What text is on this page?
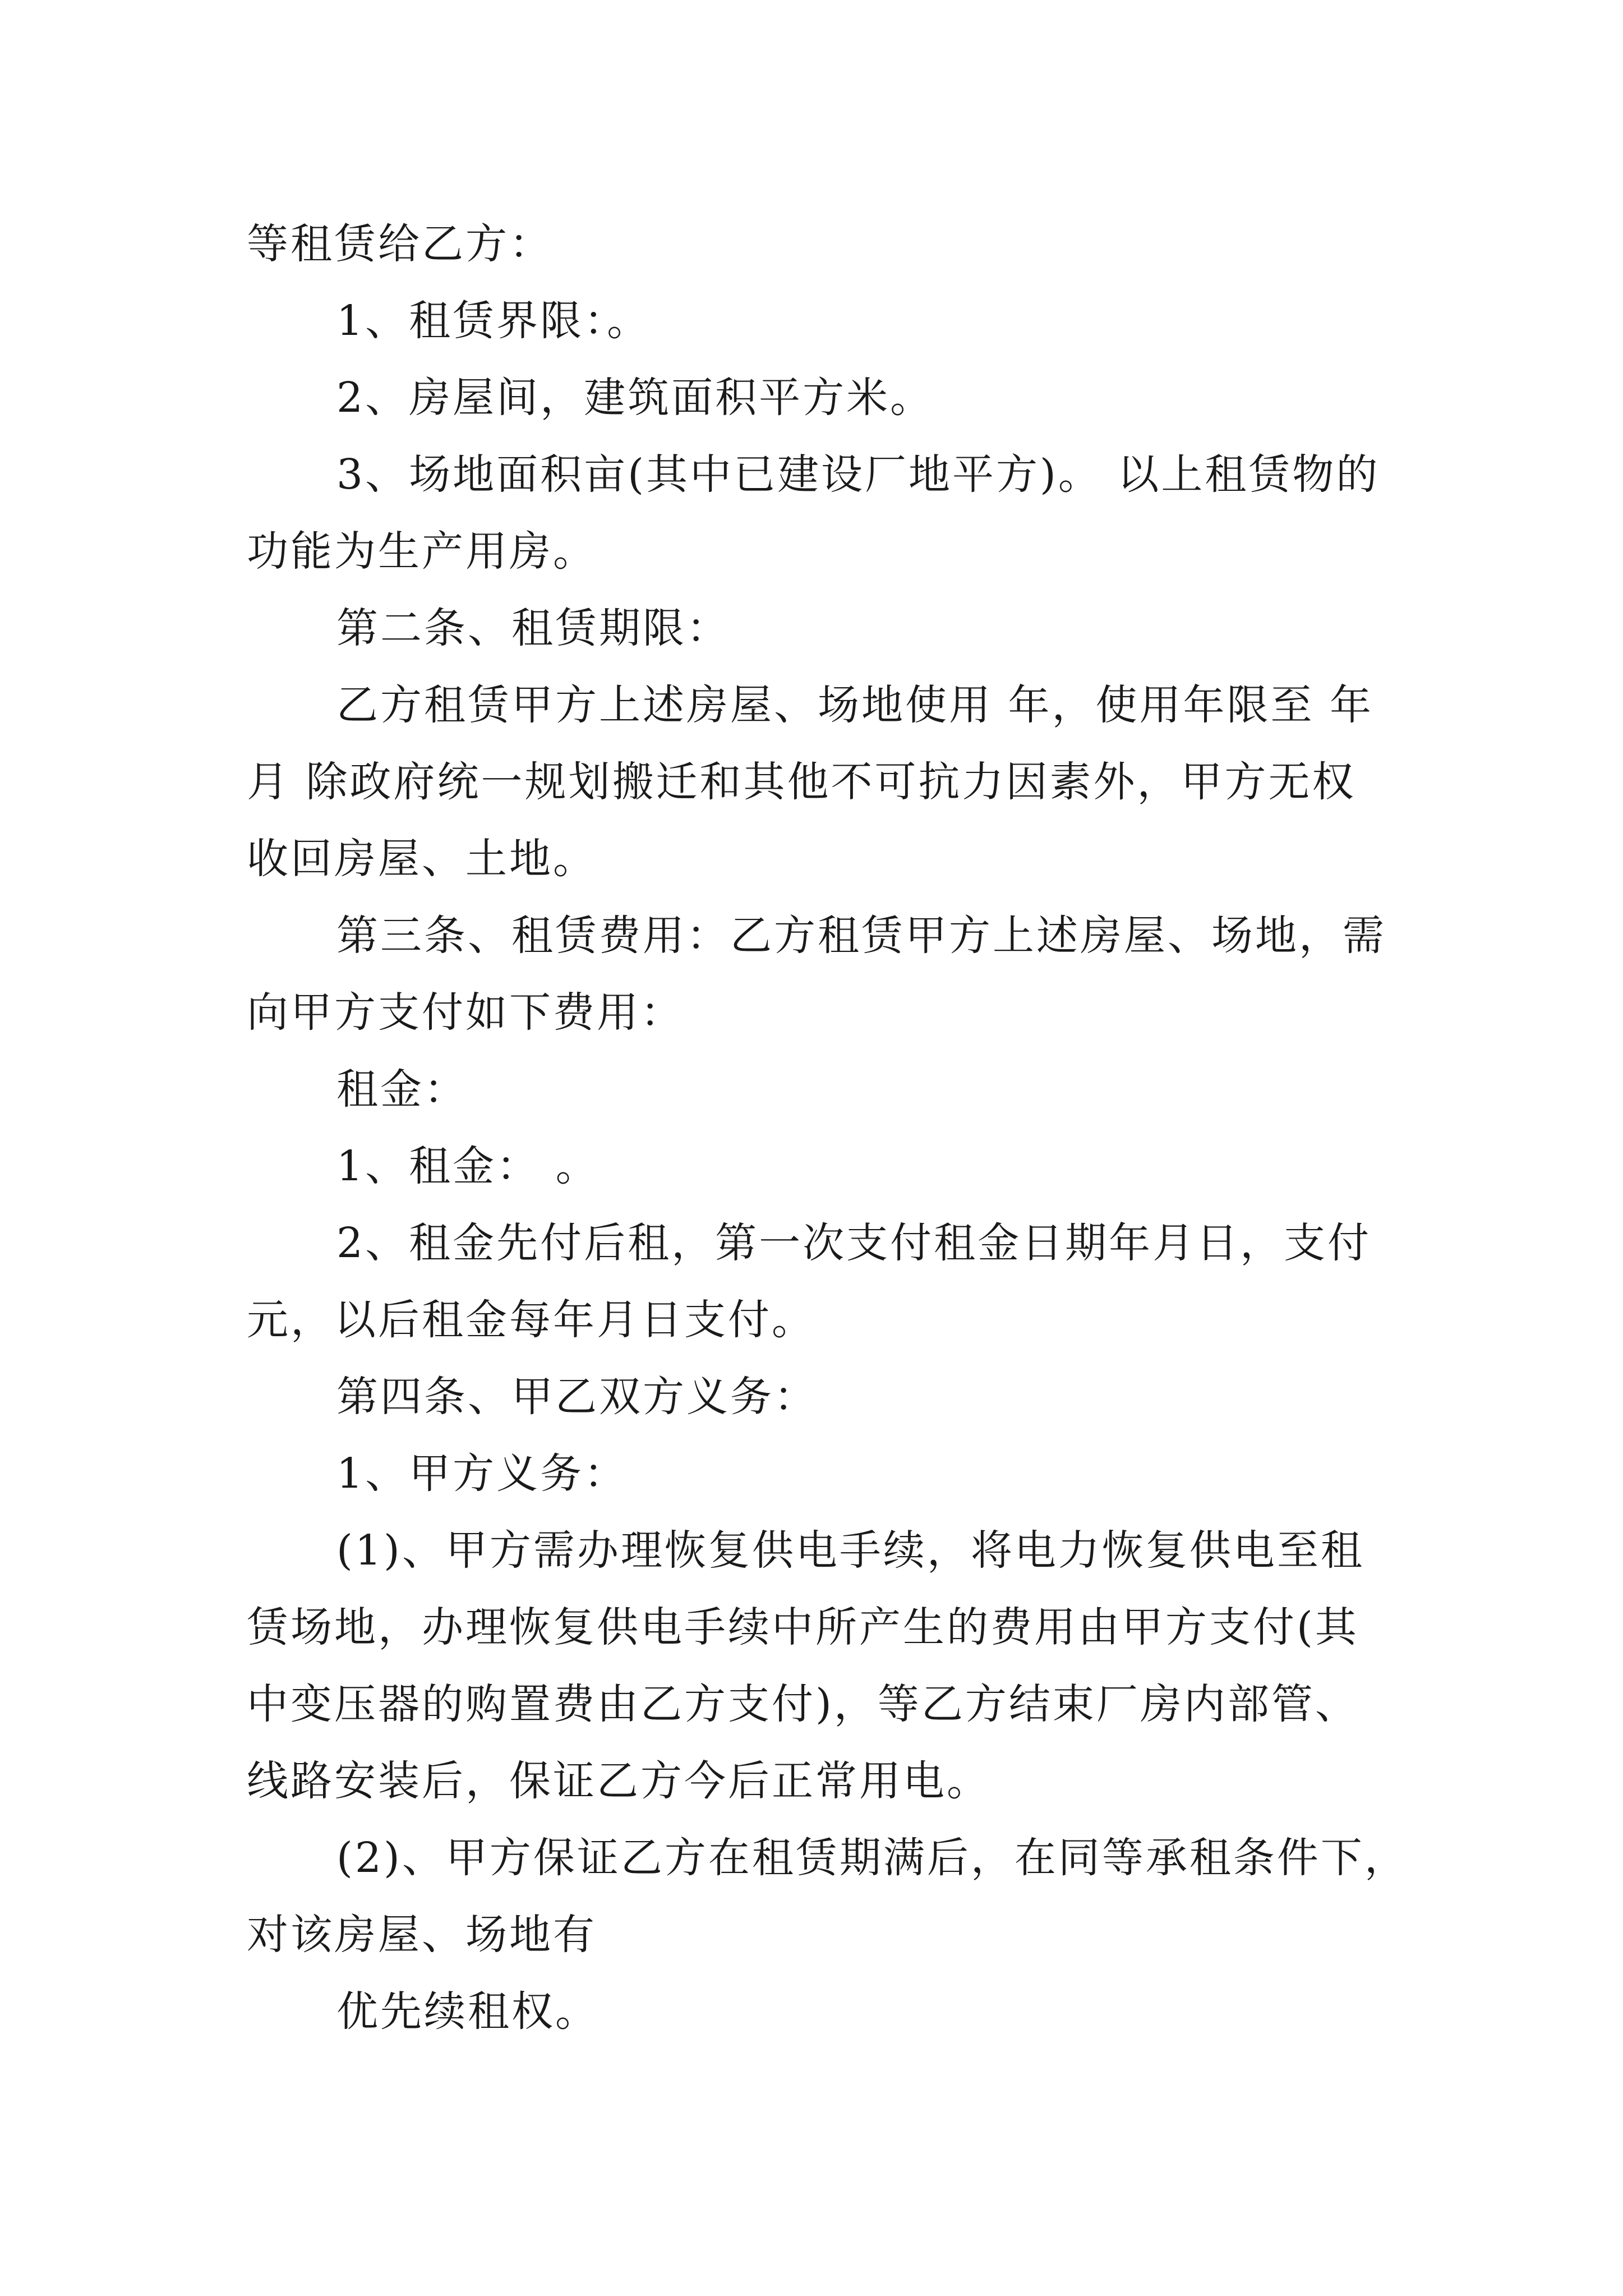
等租赁给乙方：

1、租赁界限：。

2、房屋间，建筑面积平方米。

3、场地面积亩(其中已建设厂地平方)。 以上租赁物的

功能为生产用房。

第二条、租赁期限：

乙方租赁甲方上述房屋、场地使用 年，使用年限至 年

月 除政府统一规划搬迁和其他不可抗力因素外，甲方无权

收回房屋、土地。

第三条、租赁费用：乙方租赁甲方上述房屋、场地，需

向甲方支付如下费用：

租金：

1、租金： 。

2、租金先付后租，第一次支付租金日期年月日，支付

元，以后租金每年月日支付。

第四条、甲乙双方义务：

1、甲方义务：

(1)、甲方需办理恢复供电手续，将电力恢复供电至租

赁场地，办理恢复供电手续中所产生的费用由甲方支付(其

中变压器的购置费由乙方支付)，等乙方结束厂房内部管、

线路安装后，保证乙方今后正常用电。

(2)、甲方保证乙方在租赁期满后，在同等承租条件下，

对该房屋、场地有

优先续租权。
